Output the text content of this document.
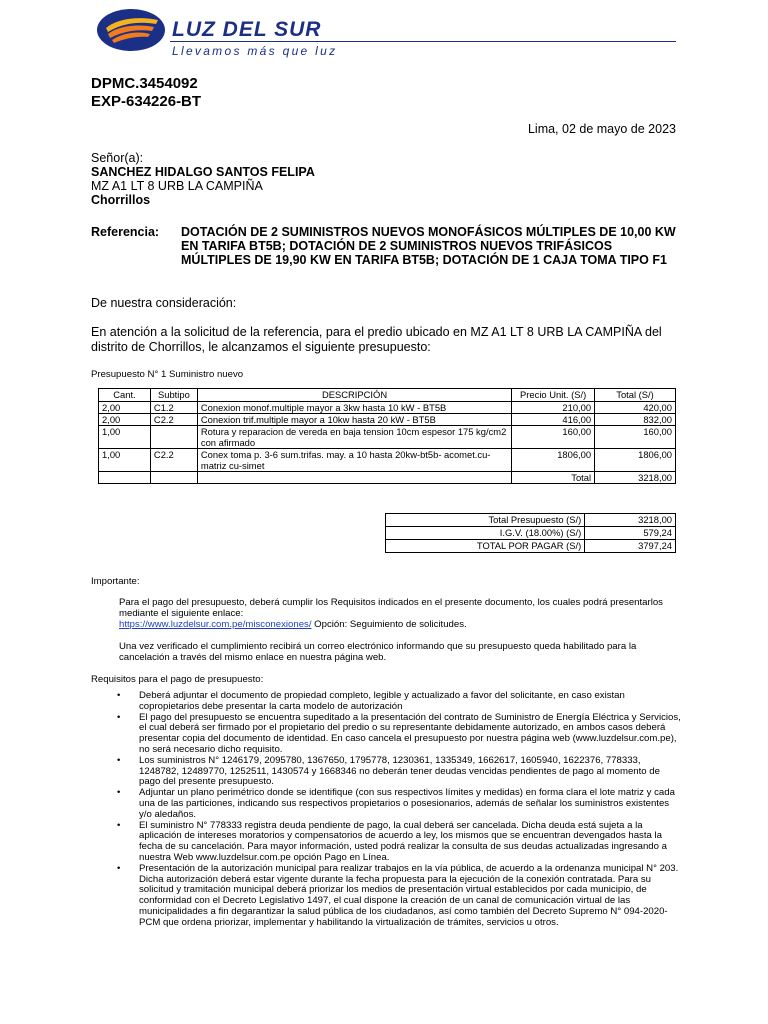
LUZ DEL SUR
Llevamos más que luz
DPMC.3454092
EXP-634226-BT
Lima, 02 de mayo de 2023
Señor(a):
SANCHEZ HIDALGO SANTOS FELIPA
MZ A1 LT 8 URB LA CAMPIÑA
Chorrillos
Referencia: DOTACIÓN DE 2 SUMINISTROS NUEVOS MONOFÁSICOS MÚLTIPLES DE 10,00 KW EN TARIFA BT5B; DOTACIÓN DE 2 SUMINISTROS NUEVOS TRIFÁSICOS MÚLTIPLES DE 19,90 KW EN TARIFA BT5B; DOTACIÓN DE 1 CAJA TOMA TIPO F1
De nuestra consideración:
En atención a la solicitud de la referencia, para el predio ubicado en MZ A1 LT 8 URB LA CAMPIÑA del distrito de Chorrillos, le alcanzamos el siguiente presupuesto:
Presupuesto N° 1 Suministro nuevo
Cant.	Subtipo	DESCRIPCIÓN	Precio Unit. (S/)	Total (S/)
2,00	C1.2	Conexion monof.multiple mayor a 3kw hasta 10 kW - BT5B	210,00	420,00
2,00	C2.2	Conexion trif.multiple mayor a 10kw hasta 20 kW - BT5B	416,00	832,00
1,00		Rotura y reparacion de vereda en baja tension 10cm espesor 175 kg/cm2 con afirmado	160,00	160,00
1,00	C2.2	Conex toma p. 3-6 sum.trifas. may. a 10 hasta 20kw-bt5b- acomet.cu-matriz cu-simet	1806,00	1806,00
			Total	3218,00
Total Presupuesto (S/)	3218,00
I.G.V. (18.00%) (S/)	579,24
TOTAL POR PAGAR (S/)	3797,24
Importante:
Para el pago del presupuesto, deberá cumplir los Requisitos indicados en el presente documento, los cuales podrá presentarlos mediante el siguiente enlace:
https://www.luzdelsur.com.pe/misconexiones/ Opción: Seguimiento de solicitudes.
Una vez verificado el cumplimiento recibirá un correo electrónico informando que su presupuesto queda habilitado para la cancelación a través del mismo enlace en nuestra página web.
Requisitos para el pago de presupuesto:
• Deberá adjuntar el documento de propiedad completo, legible y actualizado a favor del solicitante, en caso existan copropietarios debe presentar la carta modelo de autorización
• El pago del presupuesto se encuentra supeditado a la presentación del contrato de Suministro de Energía Eléctrica y Servicios, el cual deberá ser firmado por el propietario del predio o su representante debidamente autorizado, en ambos casos deberá presentar copia del documento de identidad. En caso cancela el presupuesto por nuestra página web (www.luzdelsur.com.pe), no será necesario dicho requisito.
• Los suministros N° 1246179, 2095780, 1367650, 1795778, 1230361, 1335349, 1662617, 1605940, 1622376, 778333, 1248782, 12489770, 1252511, 1430574 y 1668346 no deberán tener deudas vencidas pendientes de pago al momento de pago del presente presupuesto.
• Adjuntar un plano perimétrico donde se identifique (con sus respectivos límites y medidas) en forma clara el lote matriz y cada una de las particiones, indicando sus respectivos propietarios o posesionarios, además de señalar los suministros existentes y/o aledaños.
• El suministro N° 778333 registra deuda pendiente de pago, la cual deberá ser cancelada. Dicha deuda está sujeta a la aplicación de intereses moratorios y compensatorios de acuerdo a ley, los mismos que se encuentran devengados hasta la fecha de su cancelación. Para mayor información, usted podrá realizar la consulta de sus deudas actualizadas ingresando a nuestra Web www.luzdelsur.com.pe opción Pago en Línea.
• Presentación de la autorización municipal para realizar trabajos en la vía pública, de acuerdo a la ordenanza municipal N° 203. Dicha autorización deberá estar vigente durante la fecha propuesta para la ejecución de la conexión contratada. Para su solicitud y tramitación municipal deberá priorizar los medios de presentación virtual establecidos por cada municipio, de conformidad con el Decreto Legislativo 1497, el cual dispone la creación de un canal de comunicación virtual de las municipalidades a fin degarantizar la salud pública de los ciudadanos, así como también del Decreto Supremo N° 094-2020-PCM que ordena priorizar, implementar y habilitando la virtualización de trámites, servicios u otros.
